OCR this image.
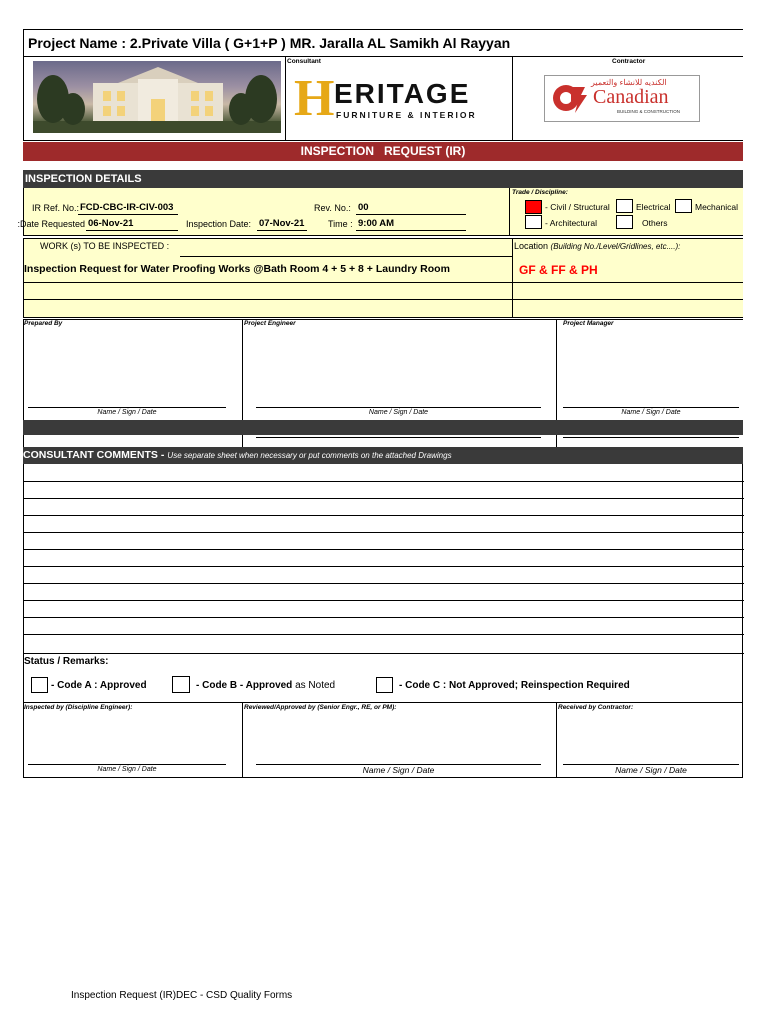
Project Name : 2.Private Villa ( G+1+P ) MR. Jaralla AL Samikh Al Rayyan
Consultant
H ERITAGE
FURNITURE & INTERIOR
Contractor
الكنديه للانشاء والتعمير
Canadian
BUILDING & CONSTRUCTION
INSPECTION   REQUEST (IR)
INSPECTION DETAILS
IR Ref. No.: FCD-CBC-IR-CIV-003	Rev. No.: 00
Date Requested: 06-Nov-21	Inspection Date: 07-Nov-21	Time : 9:00 AM
Trade / Discipline:
- Civil / Structural	Electrical	Mechanical
- Architectural	Others
WORK (s) TO BE INSPECTED :
Inspection Request for Water Proofing Works @Bath Room 4 + 5 + 8 + Laundry Room
Location (Building No./Level/Gridlines, etc....):
GF & FF & PH
Prepared By	Project Engineer	Project Manager
Name / Sign / Date	Name / Sign / Date	Name / Sign / Date
CONSULTANT COMMENTS - Use separate sheet when necessary or put comments on the attached Drawings
Status / Remarks:
- Code A : Approved	- Code B - Approved as Noted	- Code C : Not Approved; Reinspection Required
Inspected by (Discipline Engineer):	Reviewed/Approved by (Senior Engr., RE, or PM):	Received by Contractor:
Name / Sign / Date	Name / Sign / Date	Name / Sign / Date
Inspection Request (IR)DEC - CSD Quality Forms
